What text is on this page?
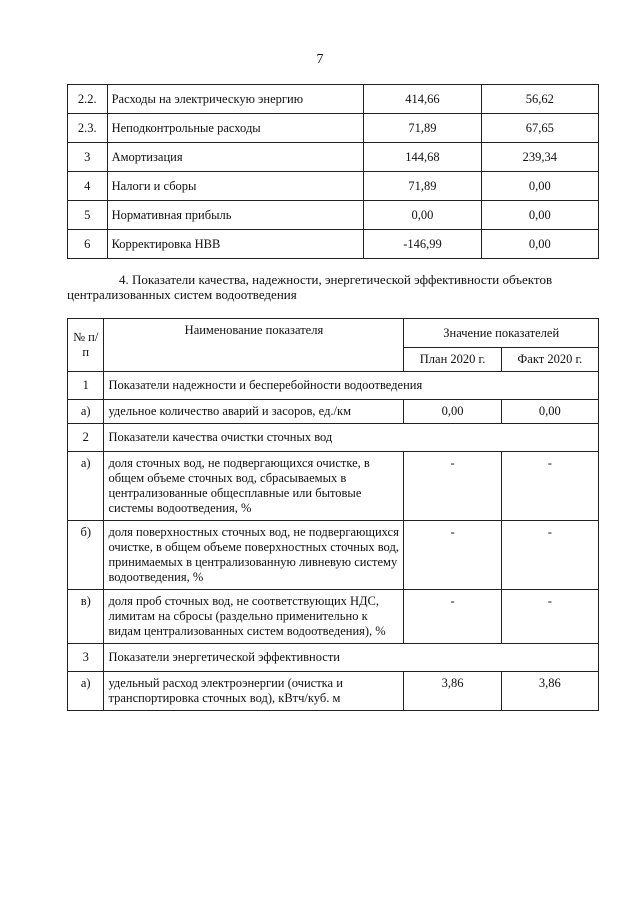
7
2.2.	Расходы на электрическую энергию	414,66	56,62
2.3.	Неподконтрольные расходы	71,89	67,65
3	Амортизация	144,68	239,34
4	Налоги и сборы	71,89	0,00
5	Нормативная прибыль	0,00	0,00
6	Корректировка НВВ	-146,99	0,00
4. Показатели качества, надежности, энергетической эффективности объектов
централизованных систем водоотведения
№ п/п	Наименование показателя	Значение показателей	
		План 2020 г.	Факт 2020 г.
1	Показатели надежности и бесперебойности водоотведения		
а)	удельное количество аварий и засоров, ед./км	0,00	0,00
2	Показатели качества очистки сточных вод		
а)	доля сточных вод, не подвергающихся очистке, в общем объеме сточных вод, сбрасываемых в централизованные общесплавные или бытовые системы водоотведения, %	-	-
б)	доля поверхностных сточных вод, не подвергающихся очистке, в общем объеме поверхностных сточных вод, принимаемых в централизованную ливневую систему водоотведения, %	-	-
в)	доля проб сточных вод, не соответствующих НДС, лимитам на сбросы (раздельно применительно к видам централизованных систем водоотведения), %	-	-
3	Показатели энергетической эффективности		
а)	удельный расход электроэнергии (очистка и транспортировка сточных вод), кВтч/куб. м	3,86	3,86
